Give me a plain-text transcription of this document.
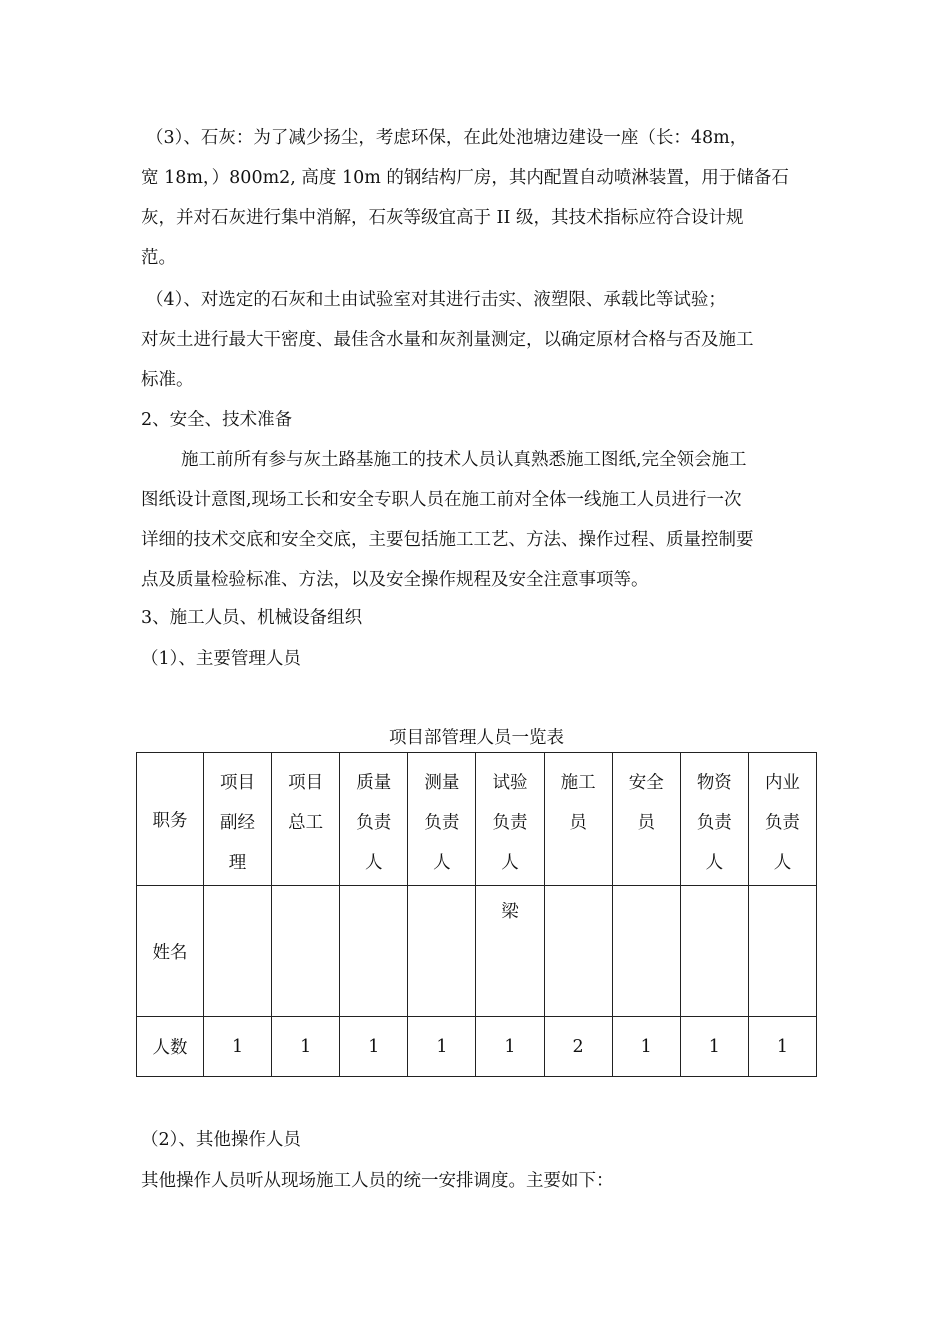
（3）、石灰：为了减少扬尘，考虑环保，在此处池塘边建设一座（长：48m，
宽 18m，）800m2, 高度 10m 的钢结构厂房，其内配置自动喷淋装置，用于储备石
灰，并对石灰进行集中消解，石灰等级宜高于 II 级，其技术指标应符合设计规
范。
（4）、对选定的石灰和土由试验室对其进行击实、液塑限、承载比等试验；
对灰土进行最大干密度、最佳含水量和灰剂量测定，以确定原材合格与否及施工
标准。
2、安全、技术准备
施工前所有参与灰土路基施工的技术人员认真熟悉施工图纸,完全领会施工
图纸设计意图,现场工长和安全专职人员在施工前对全体一线施工人员进行一次
详细的技术交底和安全交底，主要包括施工工艺、方法、操作过程、质量控制要
点及质量检验标准、方法，以及安全操作规程及安全注意事项等。
3、施工人员、机械设备组织
（1）、主要管理人员
项目部管理人员一览表
职务	项目
副经
理	项目
总工	质量
负责
人	测量
负责
人	试验
负责
人	施工
员	安全
员	物资
负责
人	内业
负责
人

姓名					梁				

人数	1	1	1	1	1	2	1	1	1
（2）、其他操作人员
其他操作人员听从现场施工人员的统一安排调度。主要如下：
